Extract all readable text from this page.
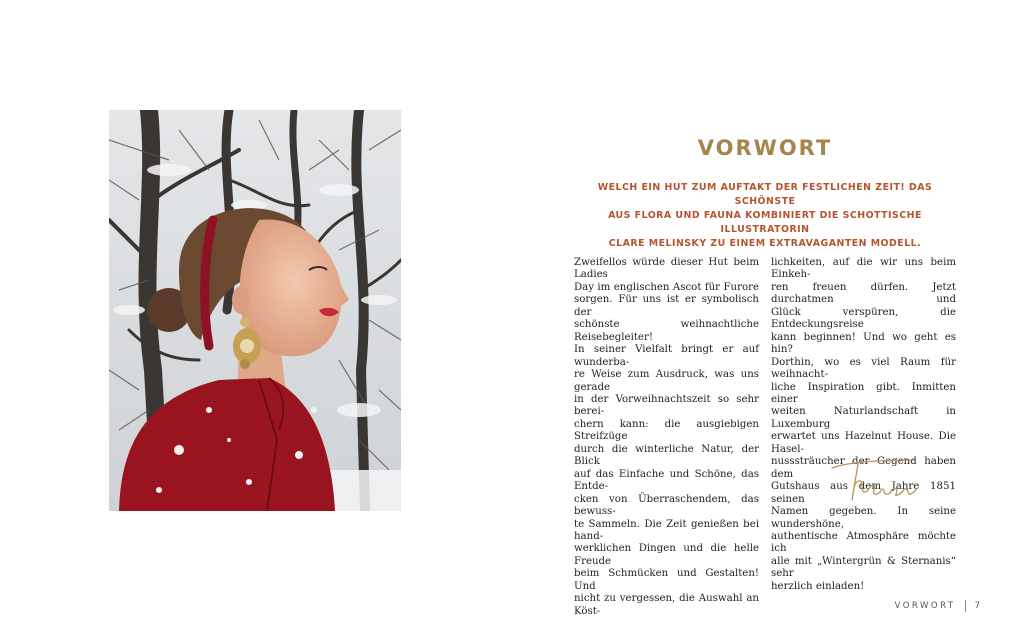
VORWORT
WELCH EIN HUT ZUM AUFTAKT DER FESTLICHEN ZEIT! DAS SCHÖNSTE
AUS FLORA UND FAUNA KOMBINIERT DIE SCHOTTISCHE ILLUSTRATORIN
CLARE MELINSKY ZU EINEM EXTRAVAGANTEN MODELL.

Zweifellos würde dieser Hut beim Ladies

Day im englischen Ascot für Furore

sorgen. Für uns ist er symbolisch der

schönste weihnachtliche Reisebegleiter!

In seiner Vielfalt bringt er auf wunderba-

re Weise zum Ausdruck, was uns gerade

in der Vorweihnachtszeit so sehr berei-

chern kann: die ausgiebigen Streifzüge

durch die winterliche Natur, der Blick

auf das Einfache und Schöne, das Entde-

cken von Überraschendem, das bewuss-

te Sammeln. Die Zeit genießen bei hand-

werklichen Dingen und die helle Freude

beim Schmücken und Gestalten! Und

nicht zu vergessen, die Auswahl an Köst-

lichkeiten, auf die wir uns beim Einkeh-

ren freuen dürfen. Jetzt durchatmen und

Glück verspüren, die Entdeckungsreise

kann beginnen! Und wo geht es hin?

Dorthin, wo es viel Raum für weihnacht-

liche Inspiration gibt. Inmitten einer

weiten Naturlandschaft in Luxemburg

erwartet uns Hazelnut House. Die Hasel-

nusssträucher der Gegend haben dem

Gutshaus aus dem Jahre 1851 seinen

Namen gegeben. In seine wundershöne,

authentische Atmosphäre möchte ich

alle mit „Wintergrün & Sternanis“ sehr

herzlich einladen!

VORWORT 7
